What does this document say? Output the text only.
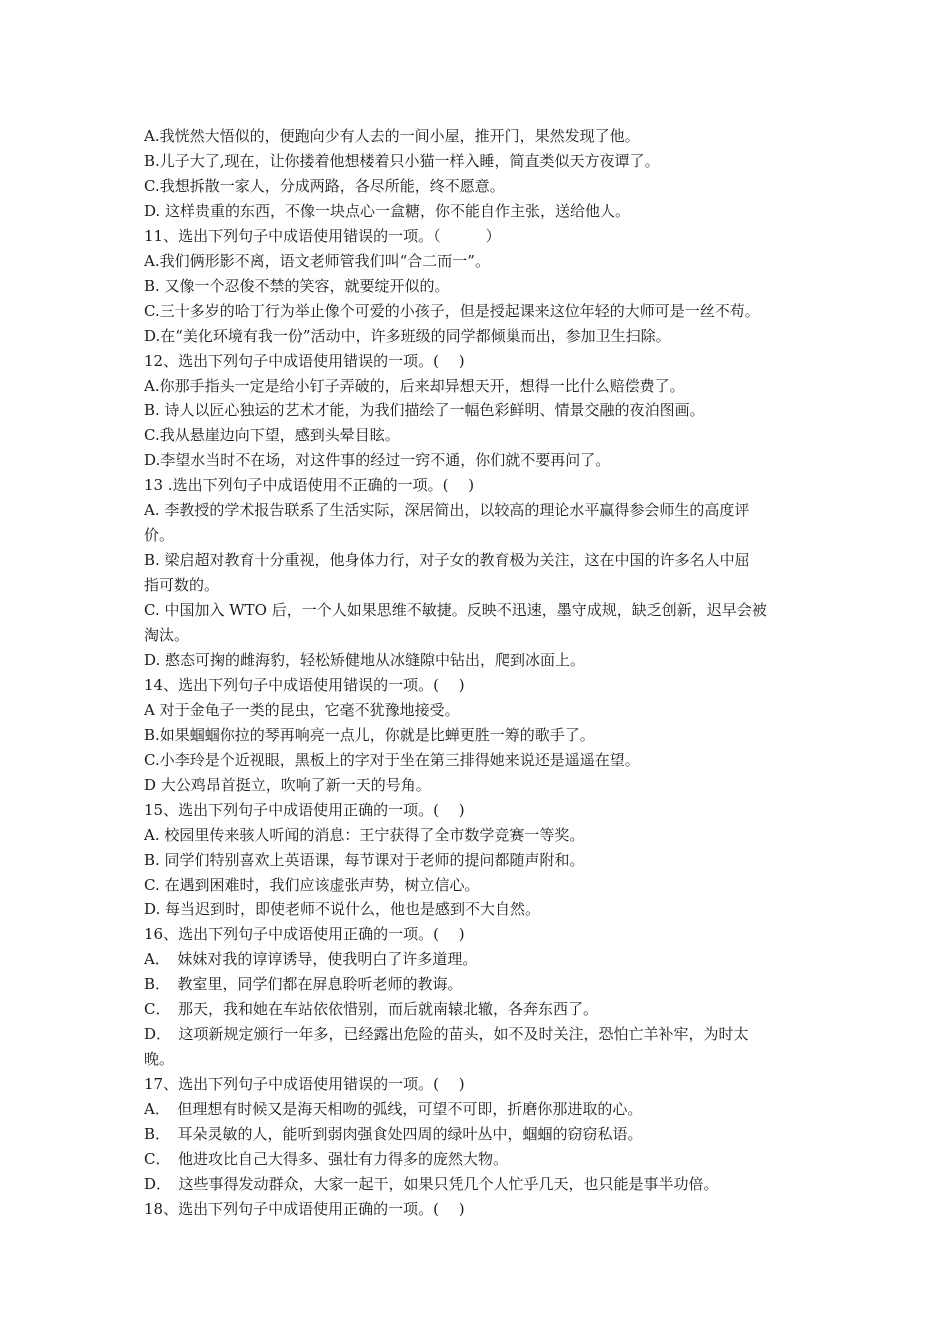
A.我恍然大悟似的，便跑向少有人去的一间小屋，推开门，果然发现了他。
B.儿子大了,现在，让你搂着他想楼着只小猫一样入睡，简直类似天方夜谭了。
C.我想拆散一家人，分成两路，各尽所能，终不愿意。
D. 这样贵重的东西，不像一块点心一盒糖，你不能自作主张，送给他人。
11、选出下列句子中成语使用错误的一项。（　　　）
A.我们俩形影不离，语文老师管我们叫“合二而一”。
B. 又像一个忍俊不禁的笑容，就要绽开似的。
C.三十多岁的哈丁行为举止像个可爱的小孩子，但是授起课来这位年轻的大师可是一丝不苟。
D.在“美化环境有我一份”活动中，许多班级的同学都倾巢而出，参加卫生扫除。
12、选出下列句子中成语使用错误的一项。( 　)
A.你那手指头一定是给小钉子弄破的，后来却异想天开，想得一比什么赔偿费了。
B. 诗人以匠心独运的艺术才能，为我们描绘了一幅色彩鲜明、情景交融的夜泊图画。
C.我从悬崖边向下望，感到头晕目眩。
D.李望水当时不在场，对这件事的经过一窍不通，你们就不要再问了。
13 .选出下列句子中成语使用不正确的一项。( 　)
A. 李教授的学术报告联系了生活实际，深居简出，以较高的理论水平赢得参会师生的高度评
价。
B. 梁启超对教育十分重视，他身体力行，对子女的教育极为关注，这在中国的许多名人中屈
指可数的。
C. 中国加入 WTO 后，一个人如果思维不敏捷。反映不迅速，墨守成规，缺乏创新，迟早会被
淘汰。
D. 憨态可掬的雌海豹，轻松矫健地从冰缝隙中钻出，爬到冰面上。
14、选出下列句子中成语使用错误的一项。( 　)
A 对于金龟子一类的昆虫，它毫不犹豫地接受。
B.如果蝈蝈你拉的琴再响亮一点儿，你就是比蝉更胜一筹的歌手了。
C.小李玲是个近视眼，黑板上的字对于坐在第三排得她来说还是遥遥在望。
D 大公鸡昂首挺立，吹响了新一天的号角。
15、选出下列句子中成语使用正确的一项。( 　)
A. 校园里传来骇人听闻的消息：王宁获得了全市数学竞赛一等奖。
B. 同学们特别喜欢上英语课，每节课对于老师的提问都随声附和。
C. 在遇到困难时，我们应该虚张声势，树立信心。
D. 每当迟到时，即使老师不说什么，他也是感到不大自然。
16、选出下列句子中成语使用正确的一项。( 　)
A．　妹妹对我的谆谆诱导，使我明白了许多道理。
B．　教室里，同学们都在屏息聆听老师的教诲。
C．　那天，我和她在车站依依惜别，而后就南辕北辙，各奔东西了。
D．　这项新规定颁行一年多，已经露出危险的苗头，如不及时关注，恐怕亡羊补牢，为时太
晚。
17、选出下列句子中成语使用错误的一项。( 　)
A．　但理想有时候又是海天相吻的弧线，可望不可即，折磨你那进取的心。
B．　耳朵灵敏的人，能听到弱肉强食处四周的绿叶丛中，蝈蝈的窃窃私语。
C．　他进攻比自己大得多、强壮有力得多的庞然大物。
D．　这些事得发动群众，大家一起干，如果只凭几个人忙乎几天，也只能是事半功倍。
18、选出下列句子中成语使用正确的一项。( 　)
